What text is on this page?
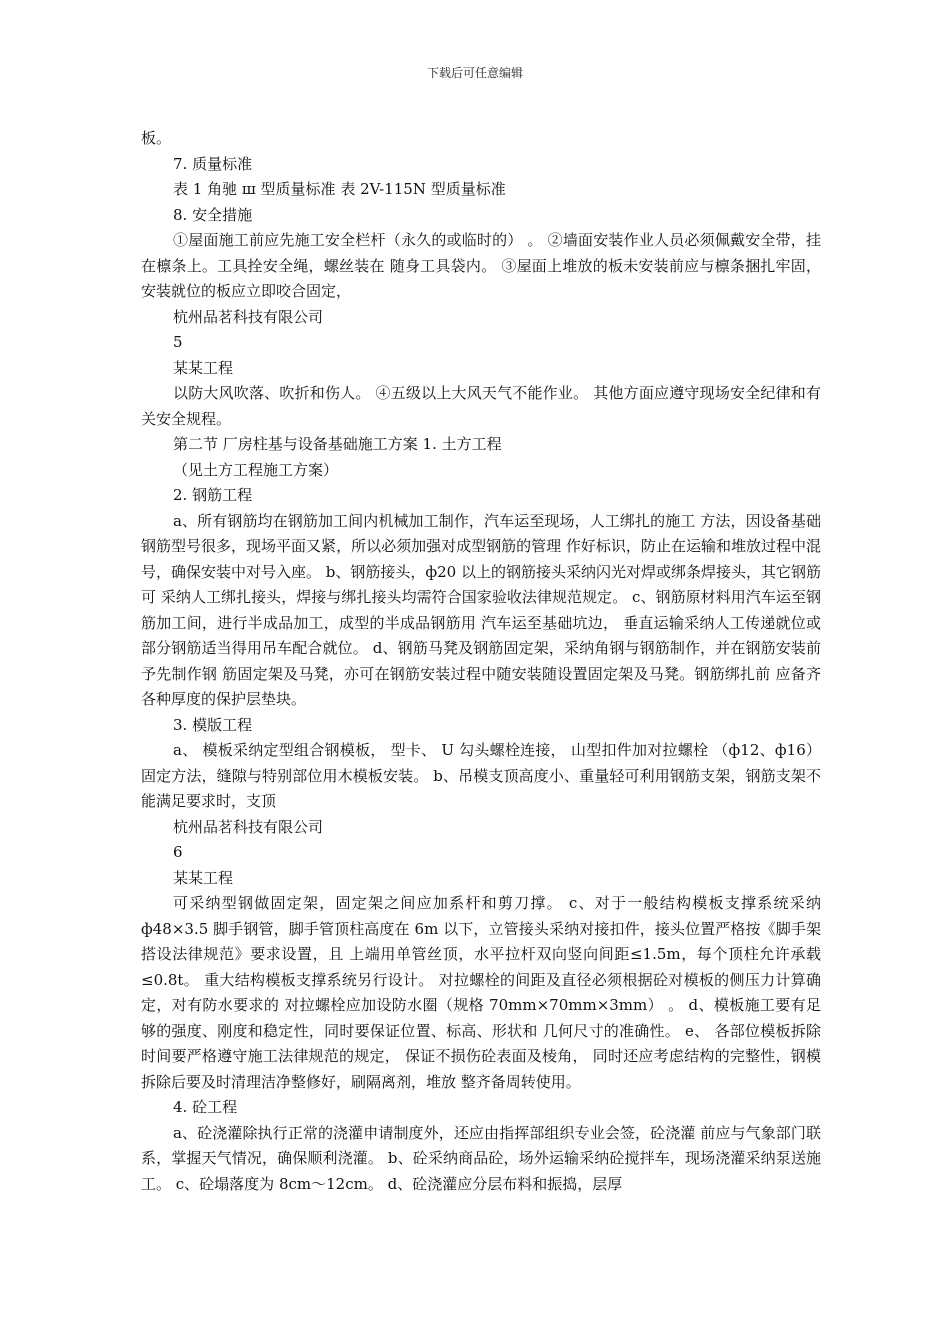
下载后可任意编辑

板。

7. 质量标准

表 1 角驰 ш 型质量标准 表 2V-115N 型质量标准

8. 安全措施

①屋面施工前应先施工安全栏杆（永久的或临时的） 。 ②墙面安装作业人员必须佩戴安全带，挂在檩条上。工具拴安全绳，螺丝装在 随身工具袋内。 ③屋面上堆放的板未安装前应与檩条捆扎牢固， 安装就位的板应立即咬合固定，

杭州品茗科技有限公司

5

某某工程

以防大风吹落、吹折和伤人。 ④五级以上大风天气不能作业。 其他方面应遵守现场安全纪律和有关安全规程。

第二节 厂房柱基与设备基础施工方案 1. 土方工程

（见土方工程施工方案）

2. 钢筋工程

a、所有钢筋均在钢筋加工间内机械加工制作，汽车运至现场，人工绑扎的施工 方法，因设备基础钢筋型号很多，现场平面又紧，所以必须加强对成型钢筋的管理 作好标识，防止在运输和堆放过程中混号，确保安装中对号入座。 b、钢筋接头，ф20 以上的钢筋接头采纳闪光对焊或绑条焊接头，其它钢筋可 采纳人工绑扎接头，焊接与绑扎接头均需符合国家验收法律规范规定。 c、钢筋原材料用汽车运至钢筋加工间，进行半成品加工，成型的半成品钢筋用 汽车运至基础坑边， 垂直运输采纳人工传递就位或部分钢筋适当得用吊车配合就位。 d、钢筋马凳及钢筋固定架，采纳角钢与钢筋制作，并在钢筋安装前予先制作钢 筋固定架及马凳，亦可在钢筋安装过程中随安装随设置固定架及马凳。钢筋绑扎前 应备齐各种厚度的保护层垫块。

3. 模版工程

a、 模板采纳定型组合钢模板， 型卡、 U 勾头螺栓连接， 山型扣件加对拉螺栓 （ф12、ф16）固定方法，缝隙与特别部位用木模板安装。 b、吊模支顶高度小、重量轻可利用钢筋支架，钢筋支架不能满足要求时，支顶

杭州品茗科技有限公司

6

某某工程

可采纳型钢做固定架，固定架之间应加系杆和剪刀撑。 c、对于一般结构模板支撑系统采纳 ф48×3.5 脚手钢管，脚手管顶柱高度在 6m 以下，立管接头采纳对接扣件，接头位置严格按《脚手架搭设法律规范》要求设置，且 上端用单管丝顶，水平拉杆双向竖向间距≤1.5m，每个顶柱允许承载≤0.8t。 重大结构模板支撑系统另行设计。 对拉螺栓的间距及直径必须根据砼对模板的侧压力计算确定，对有防水要求的 对拉螺栓应加设防水圈（规格 70mm×70mm×3mm） 。 d、模板施工要有足够的强度、刚度和稳定性，同时要保证位置、标高、形状和 几何尺寸的准确性。 e、 各部位模板拆除时间要严格遵守施工法律规范的规定， 保证不损伤砼表面及棱角， 同时还应考虑结构的完整性，钢模拆除后要及时清理洁净整修好，刷隔离剂，堆放 整齐备周转使用。

4. 砼工程

a、砼浇灌除执行正常的浇灌申请制度外，还应由指挥部组织专业会签，砼浇灌 前应与气象部门联系，掌握天气情况，确保顺利浇灌。 b、砼采纳商品砼，场外运输采纳砼搅拌车，现场浇灌采纳泵送施工。 c、砼塌落度为 8cm～12cm。 d、砼浇灌应分层布料和振捣，层厚
